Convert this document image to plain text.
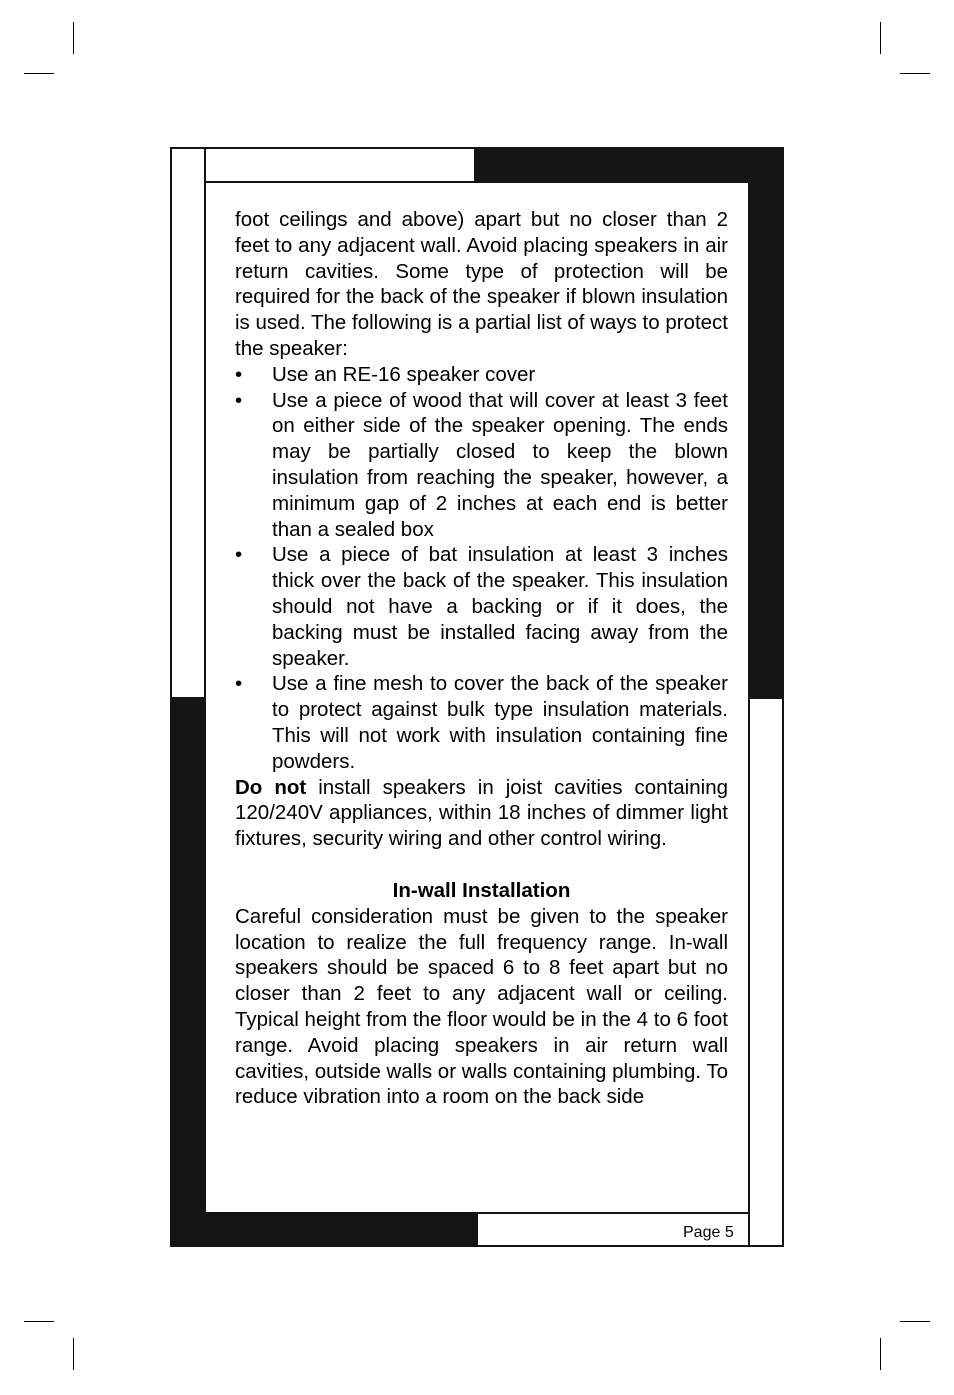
foot ceilings and above) apart but no closer than 2 feet to any adjacent wall. Avoid placing speakers in air return cavities. Some type of protection will be required for the back of the speaker if blown insulation is used. The following is a partial list of ways to protect the speaker:

•	Use an RE-16 speaker cover
•	Use a piece of wood that will cover at least 3 feet on either side of the speaker opening. The ends may be partially closed to keep the blown insulation from reaching the speaker, however, a minimum gap of 2 inches at each end is better than a sealed box
•	Use a piece of bat insulation at least 3 inches thick over the back of the speaker. This insulation should not have a backing or if it does, the backing must be installed facing away from the speaker.
•	Use a fine mesh to cover the back of the speaker to protect against bulk type insulation materials. This will not work with insulation containing fine powders.

Do not install speakers in joist cavities containing 120/240V appliances, within 18 inches of dimmer light fixtures, security wiring and other control wiring.

In-wall Installation

Careful consideration must be given to the speaker location to realize the full frequency range. In-wall speakers should be spaced 6 to 8 feet apart but no closer than 2 feet to any adjacent wall or ceiling. Typical height from the floor would be in the 4 to 6 foot range. Avoid placing speakers in air return wall cavities, outside walls or walls containing plumbing. To reduce vibration into a room on the back side

Page 5
